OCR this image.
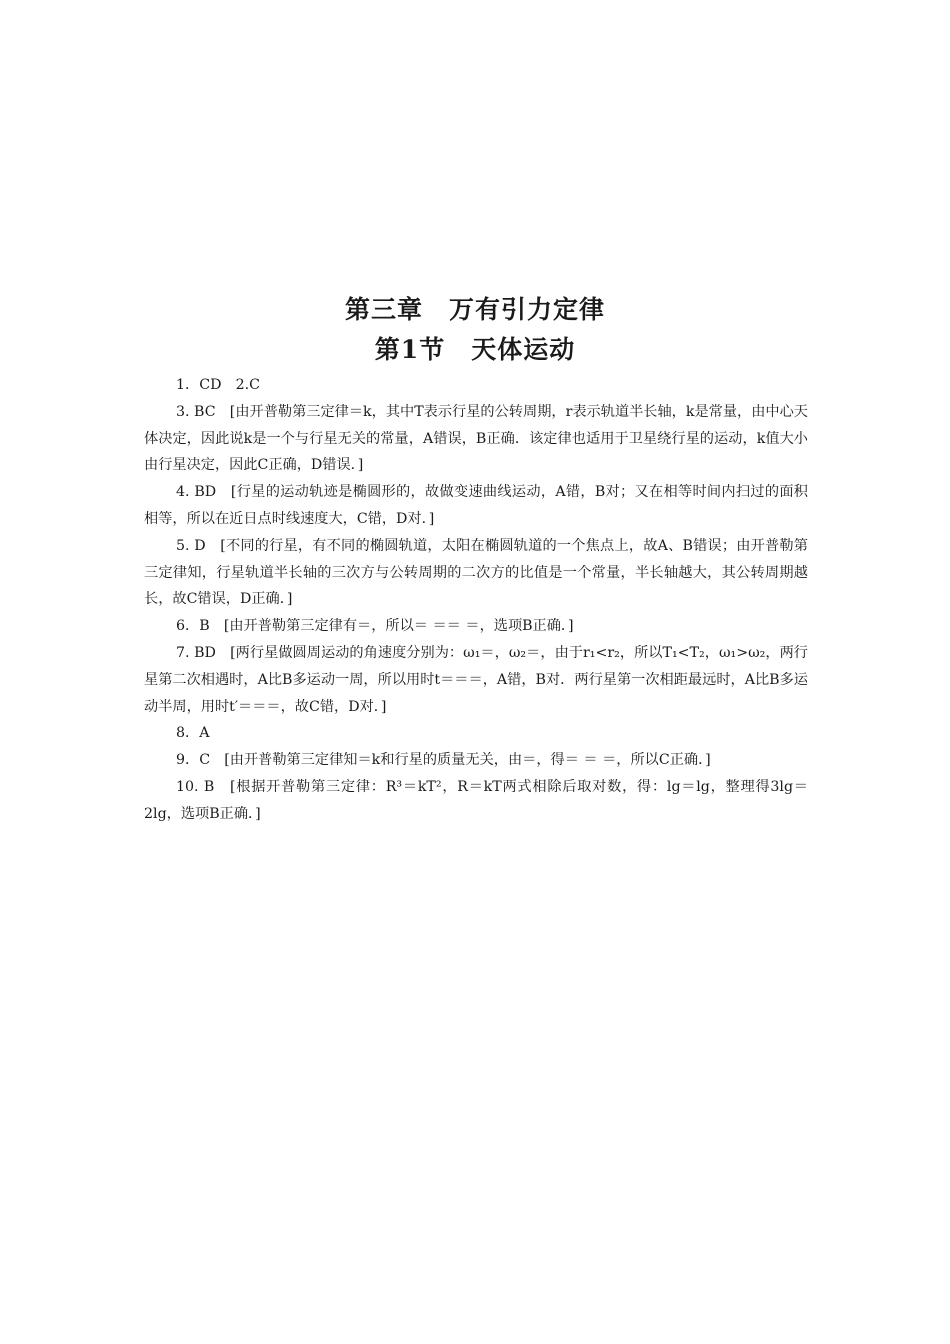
第三章　万有引力定律
第1节　天体运动

1．CD　2.C

3. BC　[由开普勒第三定律＝k，其中T表示行星的公转周期，r表示轨道半长轴，k是常量，由中心天体决定，因此说k是一个与行星无关的常量，A错误，B正确．该定律也适用于卫星绕行星的运动，k值大小由行星决定，因此C正确，D错误．]

4. BD　[行星的运动轨迹是椭圆形的，故做变速曲线运动，A错，B对；又在相等时间内扫过的面积相等，所以在近日点时线速度大，C错，D对．]

5. D　[不同的行星，有不同的椭圆轨道，太阳在椭圆轨道的一个焦点上，故A、B错误；由开普勒第三定律知，行星轨道半长轴的三次方与公转周期的二次方的比值是一个常量，半长轴越大，其公转周期越长，故C错误，D正确．]

6．B　[由开普勒第三定律有＝，所以＝ ＝＝ ＝，选项B正确．]

7. BD　[两行星做圆周运动的角速度分别为：ω₁＝，ω₂＝，由于r₁<r₂，所以T₁<T₂，ω₁>ω₂，两行星第二次相遇时，A比B多运动一周，所以用时t＝＝＝，A错，B对．两行星第一次相距最远时，A比B多运动半周，用时t′＝＝＝，故C错，D对．]

8．A

9．C　[由开普勒第三定律知＝k和行星的质量无关，由＝，得＝ ＝ ＝，所以C正确．]

10. B　[根据开普勒第三定律：R³＝kT²，R＝kT两式相除后取对数，得：lg＝lg，整理得3lg＝2lg，选项B正确．]
